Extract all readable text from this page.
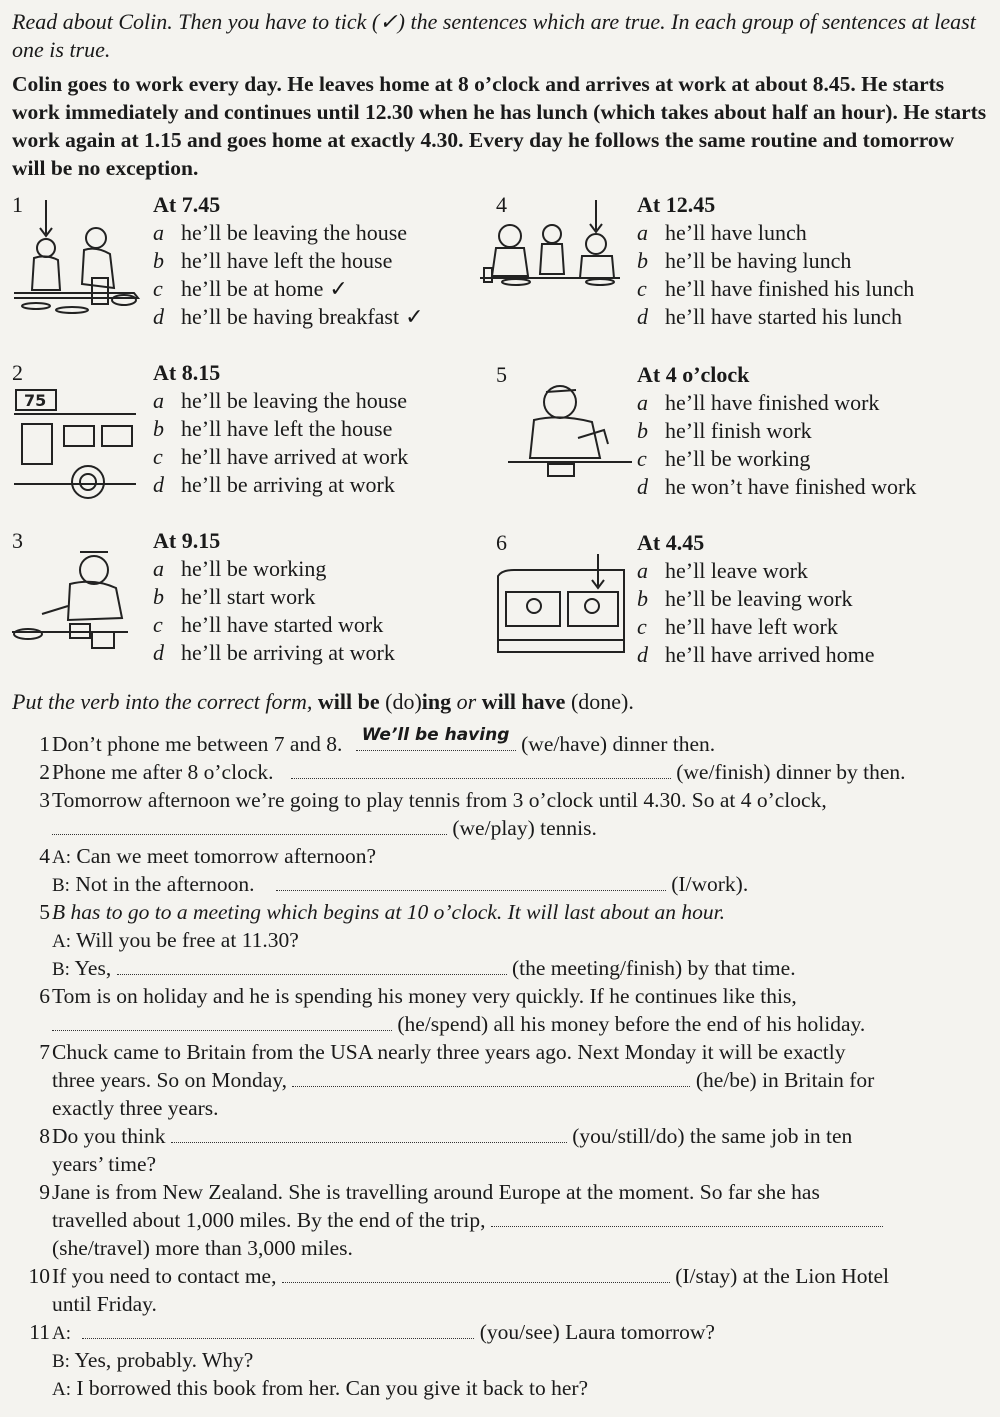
Read about Colin. Then you have to tick (✓) the sentences which are true. In each group of sentences at least one is true.
Colin goes to work every day. He leaves home at 8 o’clock and arrives at work at about 8.45. He starts work immediately and continues until 12.30 when he has lunch (which takes about half an hour). He starts work again at 1.15 and goes home at exactly 4.30. Every day he follows the same routine and tomorrow will be no exception.
1	At 7.45
a he’ll be leaving the house
b he’ll have left the house
c he’ll be at home ✓
d he’ll be having breakfast ✓
2	At 8.15
a he’ll be leaving the house
b he’ll have left the house
c he’ll have arrived at work
d he’ll be arriving at work
75
3	At 9.15
a he’ll be working
b he’ll start work
c he’ll have started work
d he’ll be arriving at work
4	At 12.45
a he’ll have lunch
b he’ll be having lunch
c he’ll have finished his lunch
d he’ll have started his lunch
5	At 4 o’clock
a he’ll have finished work
b he’ll finish work
c he’ll be working
d he won’t have finished work
6	At 4.45
a he’ll leave work
b he’ll be leaving work
c he’ll have left work
d he’ll have arrived home
Put the verb into the correct form, will be (do)ing or will have (done).
1 Don’t phone me between 7 and 8. We’ll be having (we/have) dinner then.
2 Phone me after 8 o’clock.	(we/finish) dinner by then.
3 Tomorrow afternoon we’re going to play tennis from 3 o’clock until 4.30. So at 4 o’clock,
(we/play) tennis.
4 A: Can we meet tomorrow afternoon?
B: Not in the afternoon.	(I/work).
5 B has to go to a meeting which begins at 10 o’clock. It will last about an hour.
A: Will you be free at 11.30?
B: Yes,	(the meeting/finish) by that time.
6 Tom is on holiday and he is spending his money very quickly. If he continues like this,
(he/spend) all his money before the end of his holiday.
7 Chuck came to Britain from the USA nearly three years ago. Next Monday it will be exactly
three years. So on Monday,	(he/be) in Britain for
exactly three years.
8 Do you think	(you/still/do) the same job in ten
years’ time?
9 Jane is from New Zealand. She is travelling around Europe at the moment. So far she has
travelled about 1,000 miles. By the end of the trip,
(she/travel) more than 3,000 miles.
10 If you need to contact me,	(I/stay) at the Lion Hotel
until Friday.
11 A:	(you/see) Laura tomorrow?
B: Yes, probably. Why?
A: I borrowed this book from her. Can you give it back to her?
